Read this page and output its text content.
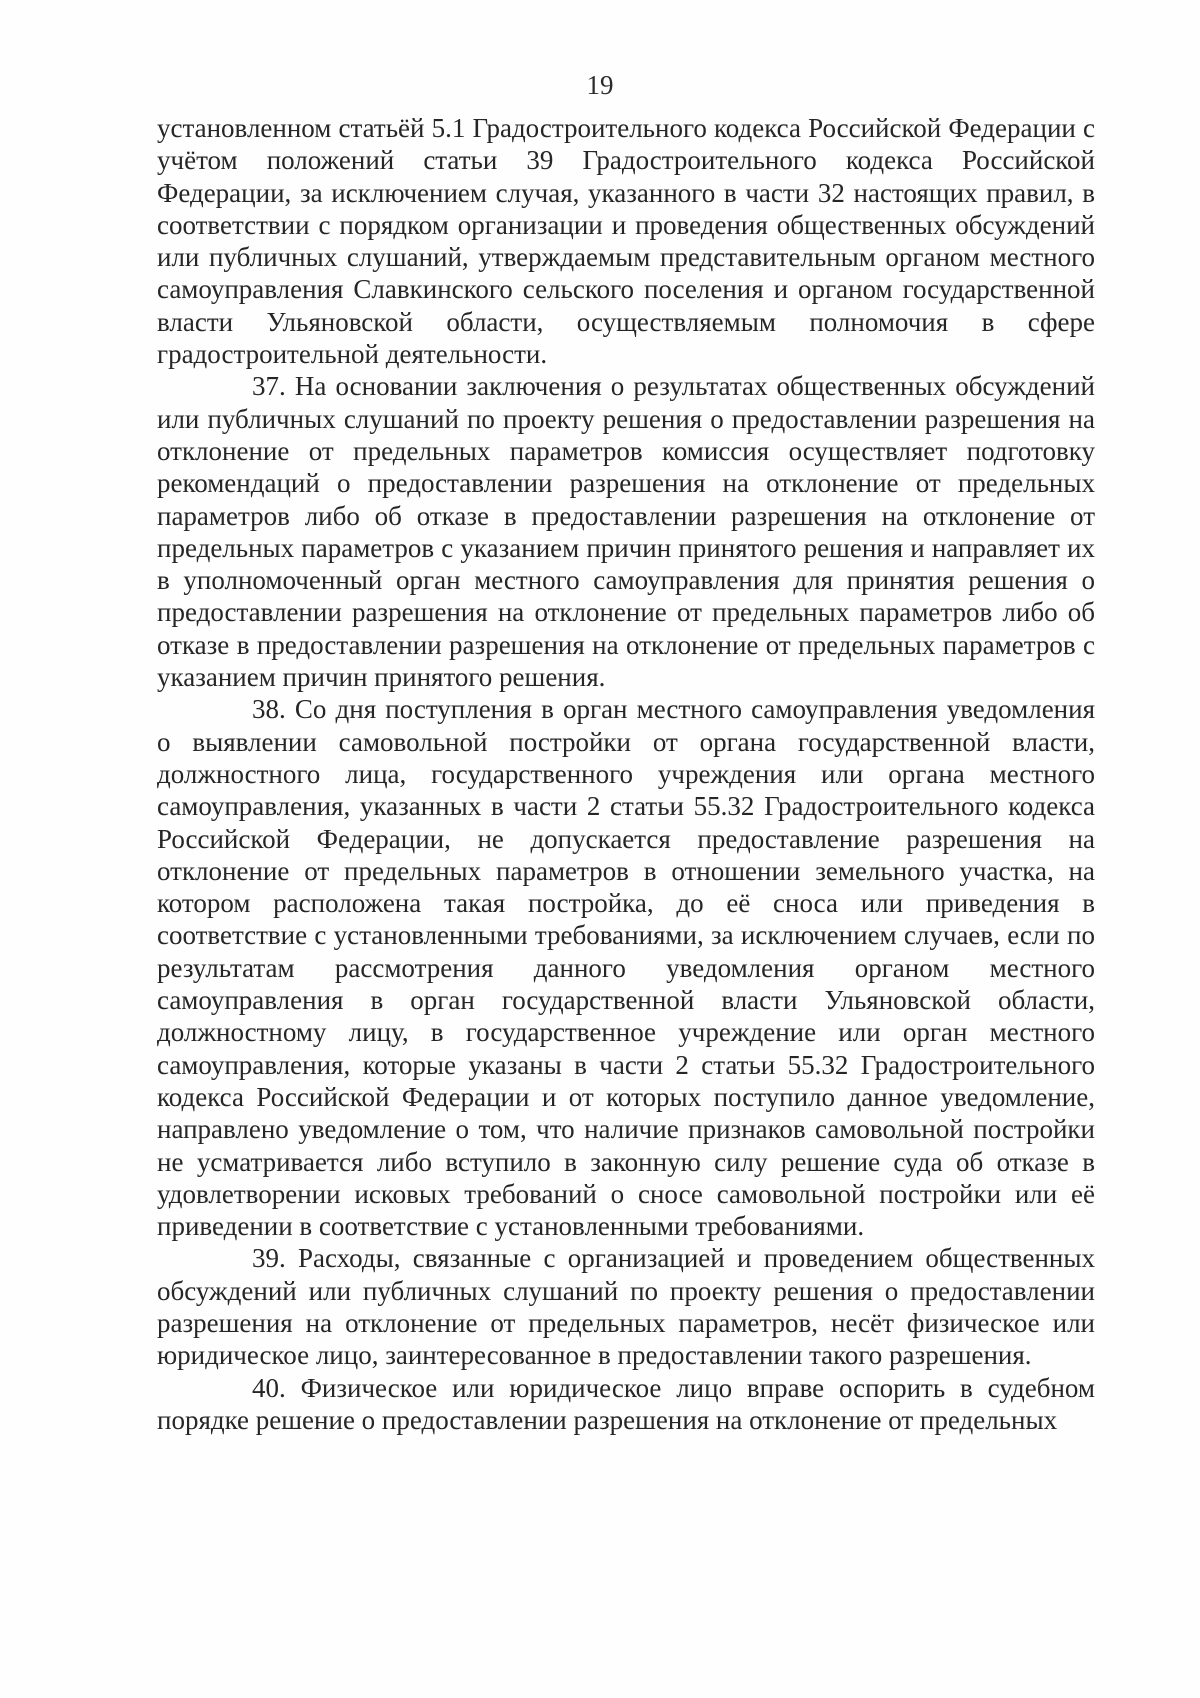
19

установленном статьёй 5.1 Градостроительного кодекса Российской Федерации с учётом положений статьи 39 Градостроительного кодекса Российской Федерации, за исключением случая, указанного в части 32 настоящих правил, в соответствии с порядком организации и проведения общественных обсуждений или публичных слушаний, утверждаемым представительным органом местного самоуправления Славкинского сельского поселения и органом государственной власти Ульяновской области, осуществляемым полномочия в сфере градостроительной деятельности.

37. На основании заключения о результатах общественных обсуждений или публичных слушаний по проекту решения о предоставлении разрешения на отклонение от предельных параметров комиссия осуществляет подготовку рекомендаций о предоставлении разрешения на отклонение от предельных параметров либо об отказе в предоставлении разрешения на отклонение от предельных параметров с указанием причин принятого решения и направляет их в уполномоченный орган местного самоуправления для принятия решения о предоставлении разрешения на отклонение от предельных параметров либо об отказе в предоставлении разрешения на отклонение от предельных параметров с указанием причин принятого решения.

38. Со дня поступления в орган местного самоуправления уведомления о выявлении самовольной постройки от органа государственной власти, должностного лица, государственного учреждения или органа местного самоуправления, указанных в части 2 статьи 55.32 Градостроительного кодекса Российской Федерации, не допускается предоставление разрешения на отклонение от предельных параметров в отношении земельного участка, на котором расположена такая постройка, до её сноса или приведения в соответствие с установленными требованиями, за исключением случаев, если по результатам рассмотрения данного уведомления органом местного самоуправления в орган государственной власти Ульяновской области, должностному лицу, в государственное учреждение или орган местного самоуправления, которые указаны в части 2 статьи 55.32 Градостроительного кодекса Российской Федерации и от которых поступило данное уведомление, направлено уведомление о том, что наличие признаков самовольной постройки не усматривается либо вступило в законную силу решение суда об отказе в удовлетворении исковых требований о сносе самовольной постройки или её приведении в соответствие с установленными требованиями.

39. Расходы, связанные с организацией и проведением общественных обсуждений или публичных слушаний по проекту решения о предоставлении разрешения на отклонение от предельных параметров, несёт физическое или юридическое лицо, заинтересованное в предоставлении такого разрешения.

40. Физическое или юридическое лицо вправе оспорить в судебном порядке решение о предоставлении разрешения на отклонение от предельных
